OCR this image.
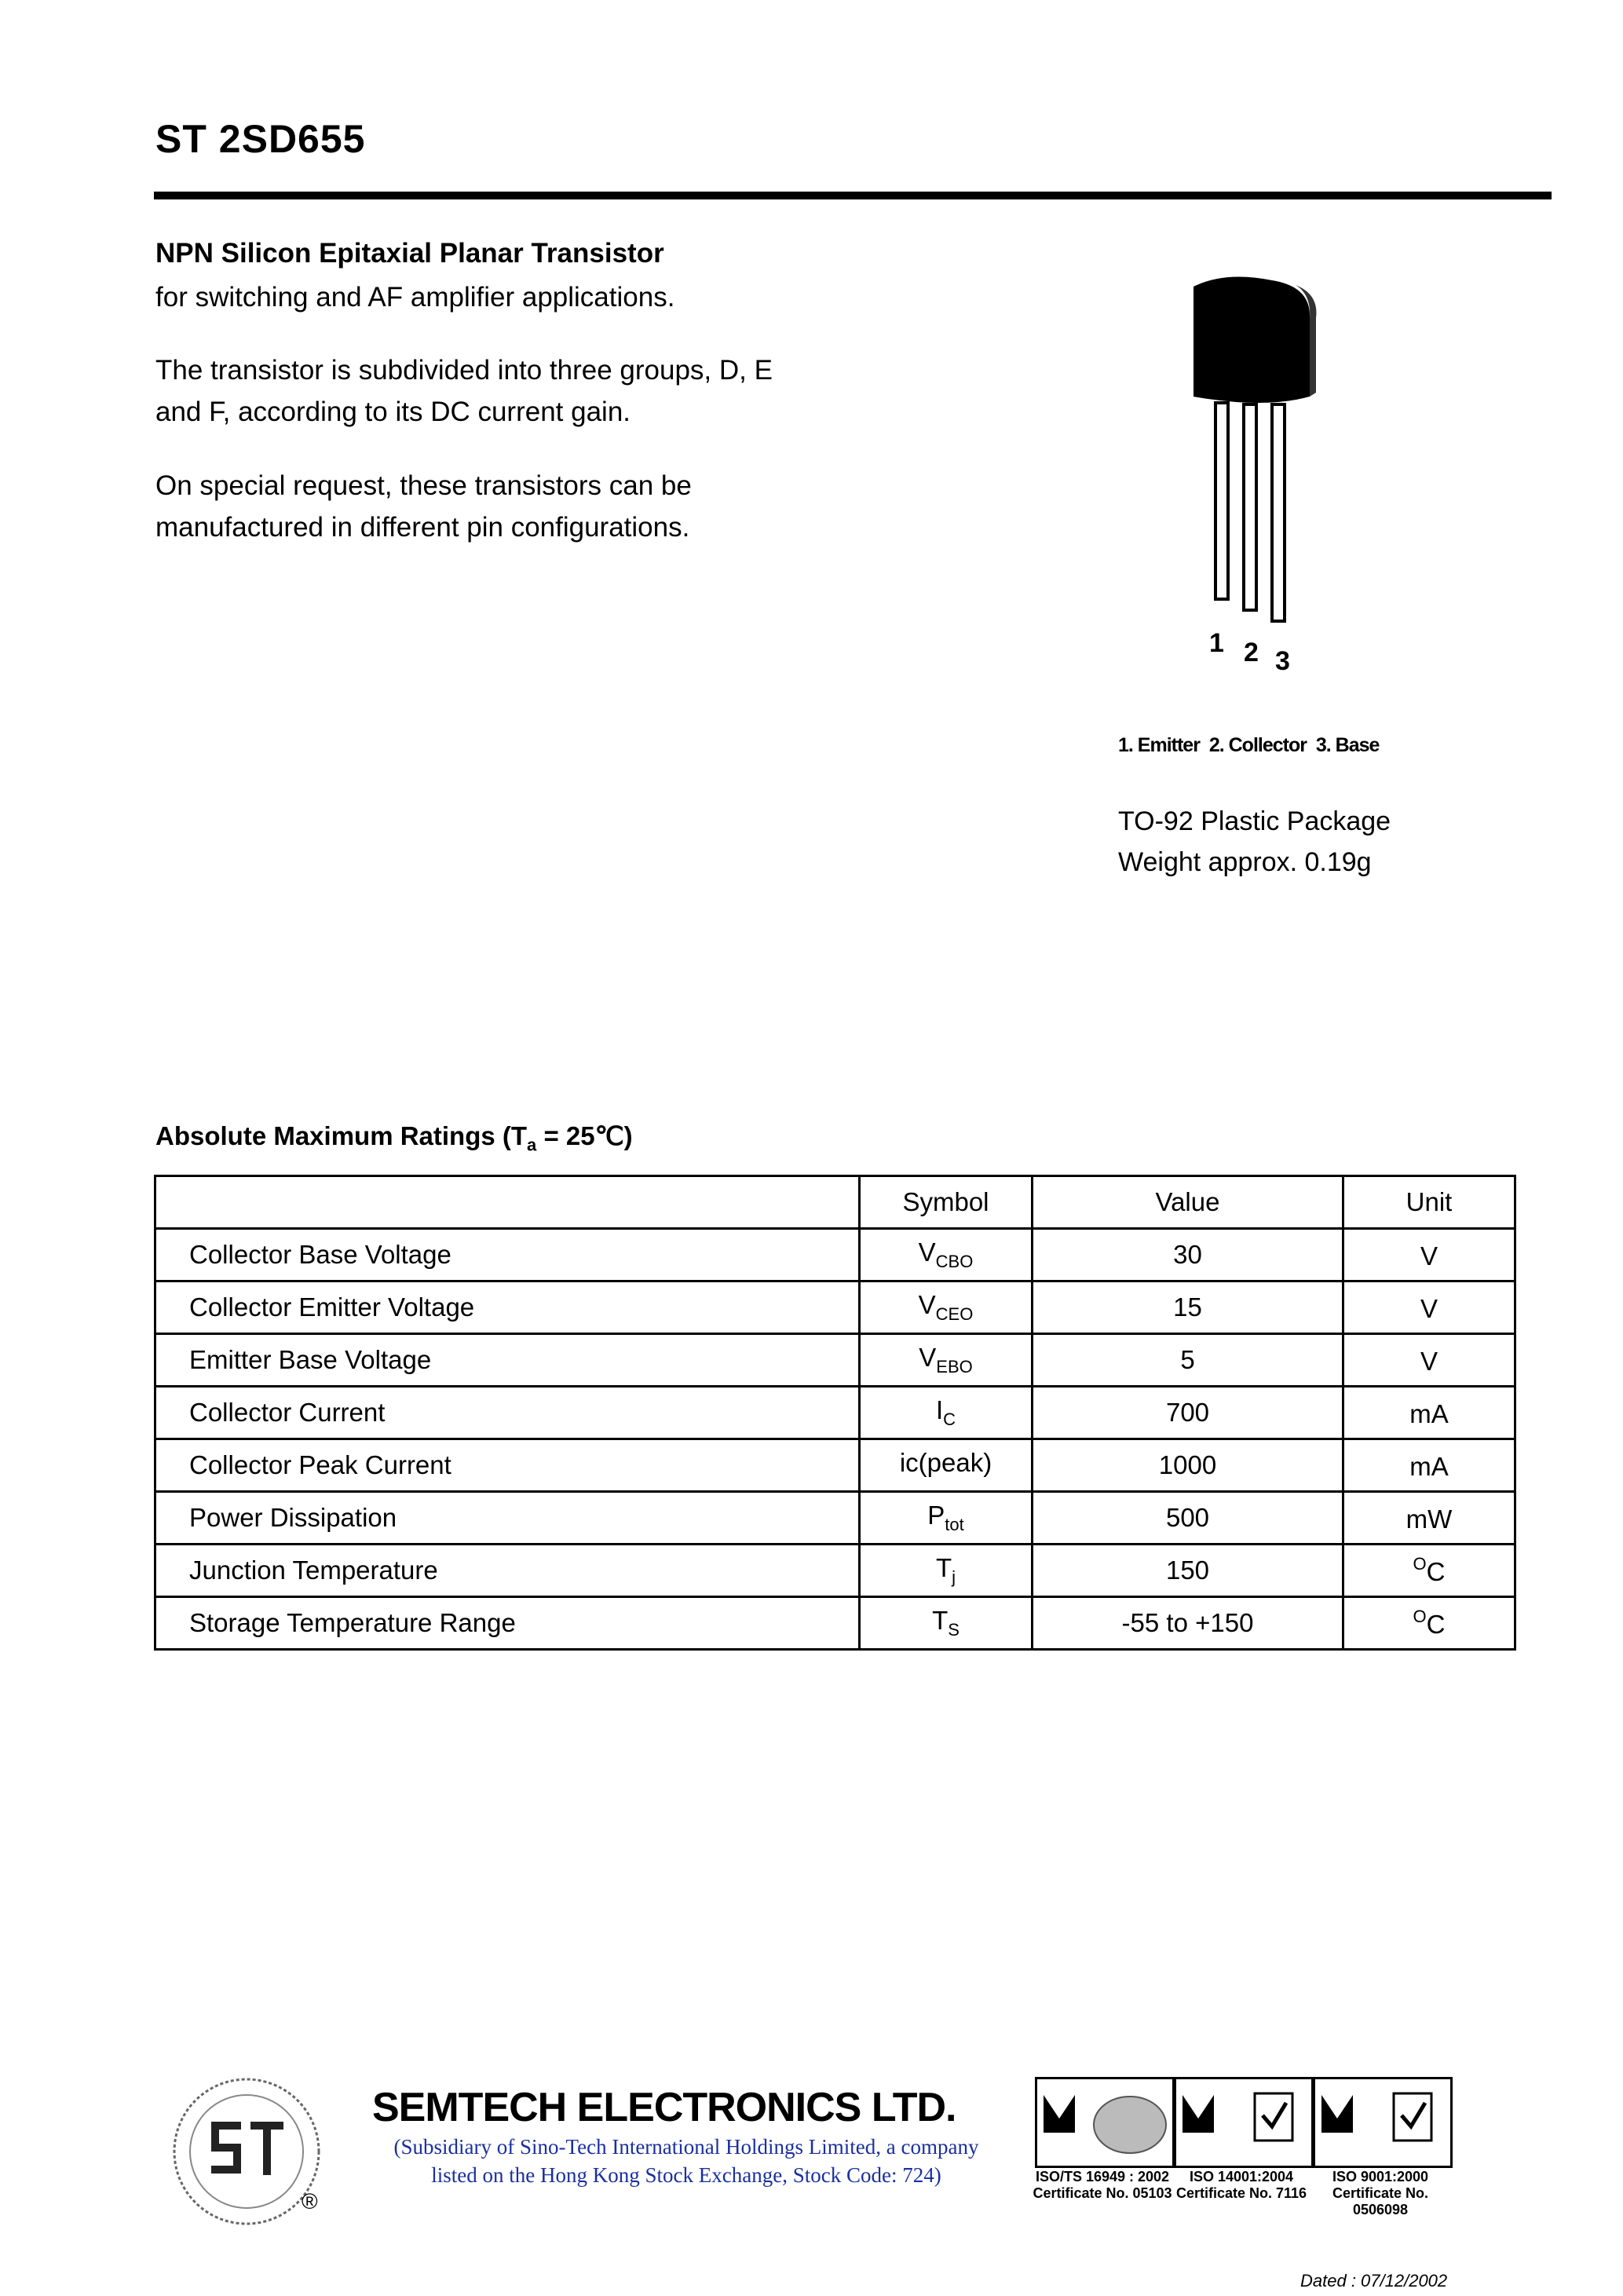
ST 2SD655
NPN Silicon Epitaxial Planar Transistor
for switching and AF amplifier applications.
The transistor is subdivided into three groups, D, E
and F, according to its DC current gain.
On special request, these transistors can be
manufactured in different pin configurations.
1 2 3
1. Emitter  2. Collector  3. Base
TO-92 Plastic Package
Weight approx. 0.19g
Absolute Maximum Ratings ($T_a$ = 25℃)
	Symbol	Value	Unit
Collector Base Voltage	$V_{CBO}$	30	V
Collector Emitter Voltage	$V_{CEO}$	15	V
Emitter Base Voltage	$V_{EBO}$	5	V
Collector Current	$I_C$	700	mA
Collector Peak Current	ic(peak)	1000	mA
Power Dissipation	$P_{tot}$	500	mW
Junction Temperature	$T_j$	150	$^O$C
Storage Temperature Range	$T_S$	-55 to +150	$^O$C
®
SEMTECH ELECTRONICS LTD.
(Subsidiary of Sino-Tech International Holdings Limited, a company
listed on the Hong Kong Stock Exchange, Stock Code: 724)	ISO/TS 16949 : 2002
Certificate No. 05103
ISO 14001:2004
Certificate No. 7116
ISO 9001:2000
Certificate No. 0506098
Dated : 07/12/2002
